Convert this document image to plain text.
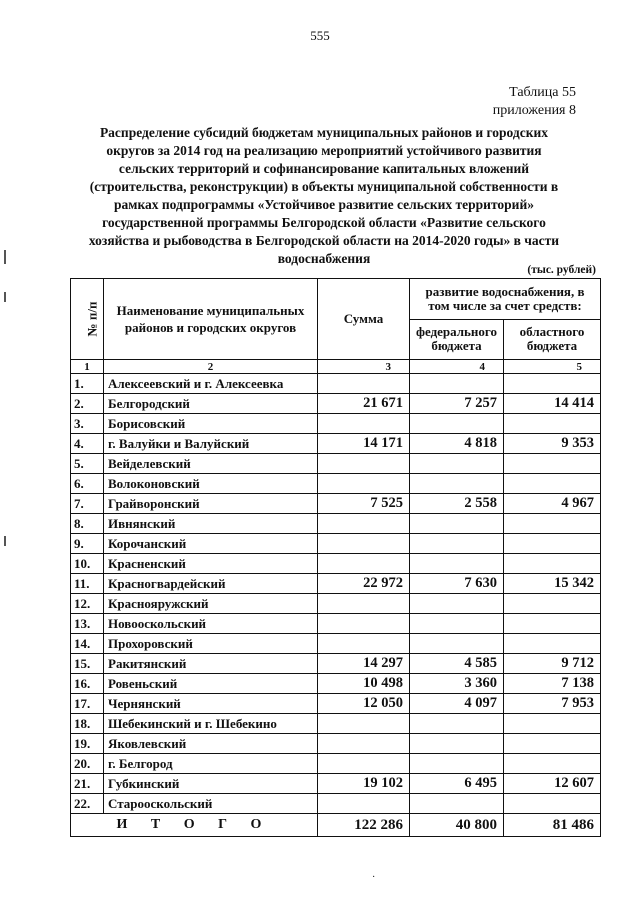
555
Таблица 55
приложения 8
Распределение субсидий бюджетам муниципальных районов и городских округов за 2014 год на реализацию мероприятий устойчивого развития сельских территорий и софинансирование капитальных вложений (строительства, реконструкции) в объекты муниципальной собственности в рамках подпрограммы «Устойчивое развитие сельских территорий» государственной программы Белгородской области «Развитие сельского хозяйства и рыбоводства в Белгородской области на 2014-2020 годы» в части водоснабжения
(тыс. рублей)
№ п/п	Наименование муниципальных районов и городских округов	Сумма	развитие водоснабжения, в том числе за счет средств:	
			федерального бюджета	областного бюджета
1	2	3	4	5
1.	Алексеевский и г. Алексеевка			
2.	Белгородский	21 671	7 257	14 414
3.	Борисовский			
4.	г. Валуйки и Валуйский	14 171	4 818	9 353
5.	Вейделевский			
6.	Волоконовский			
7.	Грайворонский	7 525	2 558	4 967
8.	Ивнянский			
9.	Корочанский			
10.	Красненский			
11.	Красногвардейский	22 972	7 630	15 342
12.	Краснояружский			
13.	Новооскольский			
14.	Прохоровский			
15.	Ракитянский	14 297	4 585	9 712
16.	Ровеньский	10 498	3 360	7 138
17.	Чернянский	12 050	4 097	7 953
18.	Шебекинский и г. Шебекино			
19.	Яковлевский			
20.	г. Белгород			
21.	Губкинский	19 102	6 495	12 607
22.	Старооскольский			
И Т О Г О		122 286	40 800	81 486
·
